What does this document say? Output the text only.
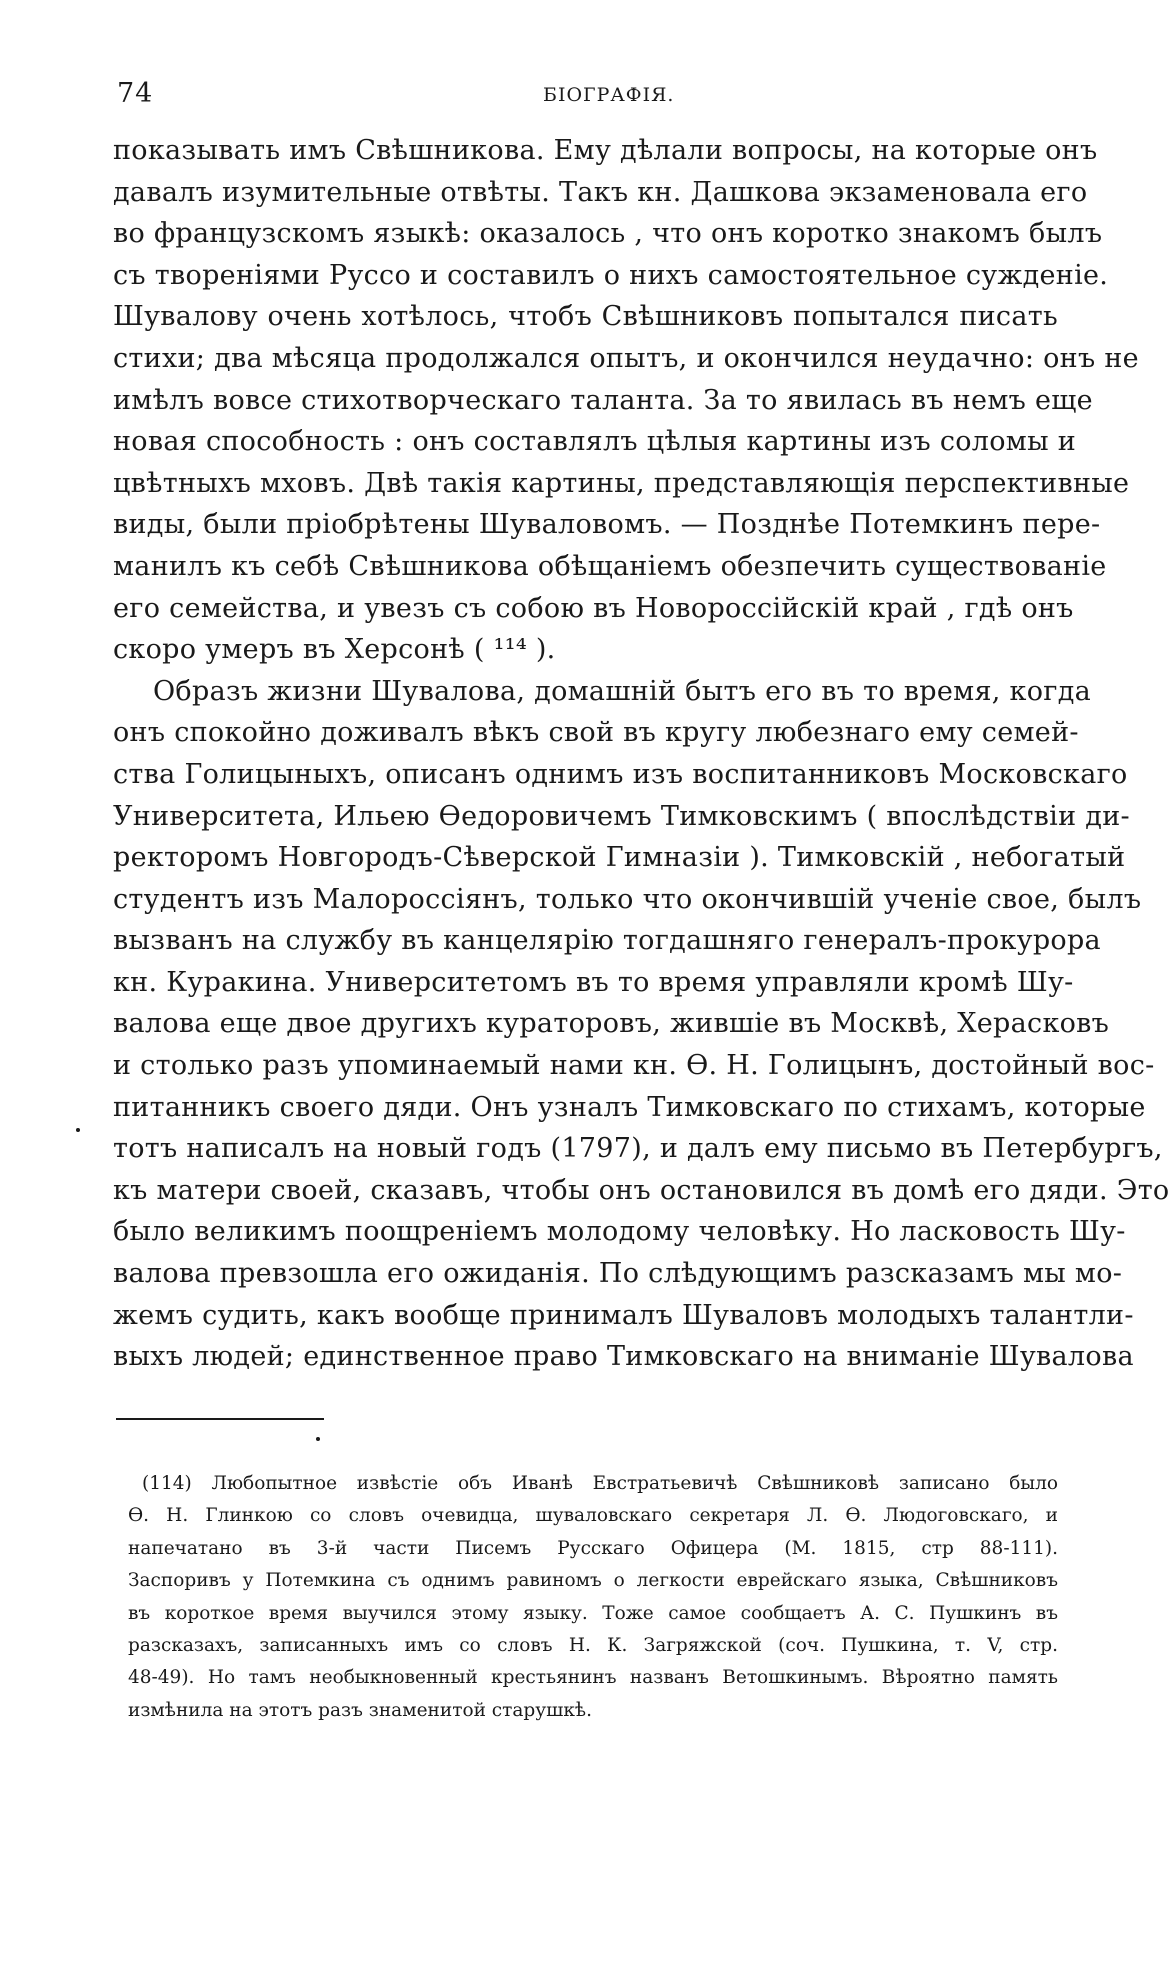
74	БIОГРАФIЯ.
показывать имъ Свѣшникова. Ему дѣлали вопросы, на которые онъ
давалъ изумительные отвѣты. Такъ кн. Дашкова экзаменовала его
во французскомъ языкѣ: оказалось , что онъ коротко знакомъ былъ
съ твореніями Руссо и составилъ о нихъ самостоятельное сужденіе.
Шувалову очень хотѣлось, чтобъ Свѣшниковъ попытался писать
стихи; два мѣсяца продолжался опытъ, и окончился неудачно: онъ не
имѣлъ вовсе стихотворческаго таланта. За то явилась въ немъ еще
новая способность : онъ составлялъ цѣлыя картины изъ соломы и
цвѣтныхъ мховъ. Двѣ такія картины, представляющія перспективные
виды, были пріобрѣтены Шуваловомъ. — Позднѣе Потемкинъ пере-
манилъ къ себѣ Свѣшникова обѣщаніемъ обезпечить существованіе
его семейства, и увезъ съ собою въ Новороссійскій край , гдѣ онъ
скоро умеръ въ Херсонѣ ( ¹¹⁴ ).
Образъ жизни Шувалова, домашній бытъ его въ то время, когда
онъ спокойно доживалъ вѣкъ свой въ кругу любезнаго ему семей-
ства Голицыныхъ, описанъ однимъ изъ воспитанниковъ Московскаго
Университета, Ильею Өедоровичемъ Тимковскимъ ( впослѣдствіи ди-
ректоромъ Новгородъ-Сѣверской Гимназіи ). Тимковскій , небогатый
студентъ изъ Малороссіянъ, только что окончившій ученіе свое, былъ
вызванъ на службу въ канцелярію тогдашняго генералъ-прокурора
кн. Куракина. Университетомъ въ то время управляли кромѣ Шу-
валова еще двое другихъ кураторовъ, жившіе въ Москвѣ, Херасковъ
и столько разъ упоминаемый нами кн. Ѳ. Н. Голицынъ, достойный вос-
питанникъ своего дяди. Онъ узналъ Тимковскаго по стихамъ, которые
тотъ написалъ на новый годъ (1797), и далъ ему письмо въ Петербургъ,
къ матери своей, сказавъ, чтобы онъ остановился въ домѣ его дяди. Это
было великимъ поощреніемъ молодому человѣку. Но ласковость Шу-
валова превзошла его ожиданія. По слѣдующимъ разсказамъ мы мо-
жемъ судить, какъ вообще принималъ Шуваловъ молодыхъ талантли-
выхъ людей; единственное право Тимковскаго на вниманіе Шувалова
(114) Любопытное извѣстіе объ Иванѣ Евстратьевичѣ Свѣшниковѣ записано было
Ѳ. Н. Глинкою со словъ очевидца, шуваловскаго секретаря Л. Ѳ. Людоговскаго, и
напечатано въ 3-й части Писемъ Русскаго Офицера (М. 1815, стр 88-111).
Заспоривъ у Потемкина съ однимъ равиномъ о легкости еврейскаго языка, Свѣшниковъ
въ короткое время выучился этому языку. Тоже самое сообщаетъ А. С. Пушкинъ въ
разсказахъ, записанныхъ имъ со словъ Н. К. Загряжской (соч. Пушкина, т. V, стр.
48-49). Но тамъ необыкновенный крестьянинъ названъ Ветошкинымъ. Вѣроятно память
измѣнила на этотъ разъ знаменитой старушкѣ.
